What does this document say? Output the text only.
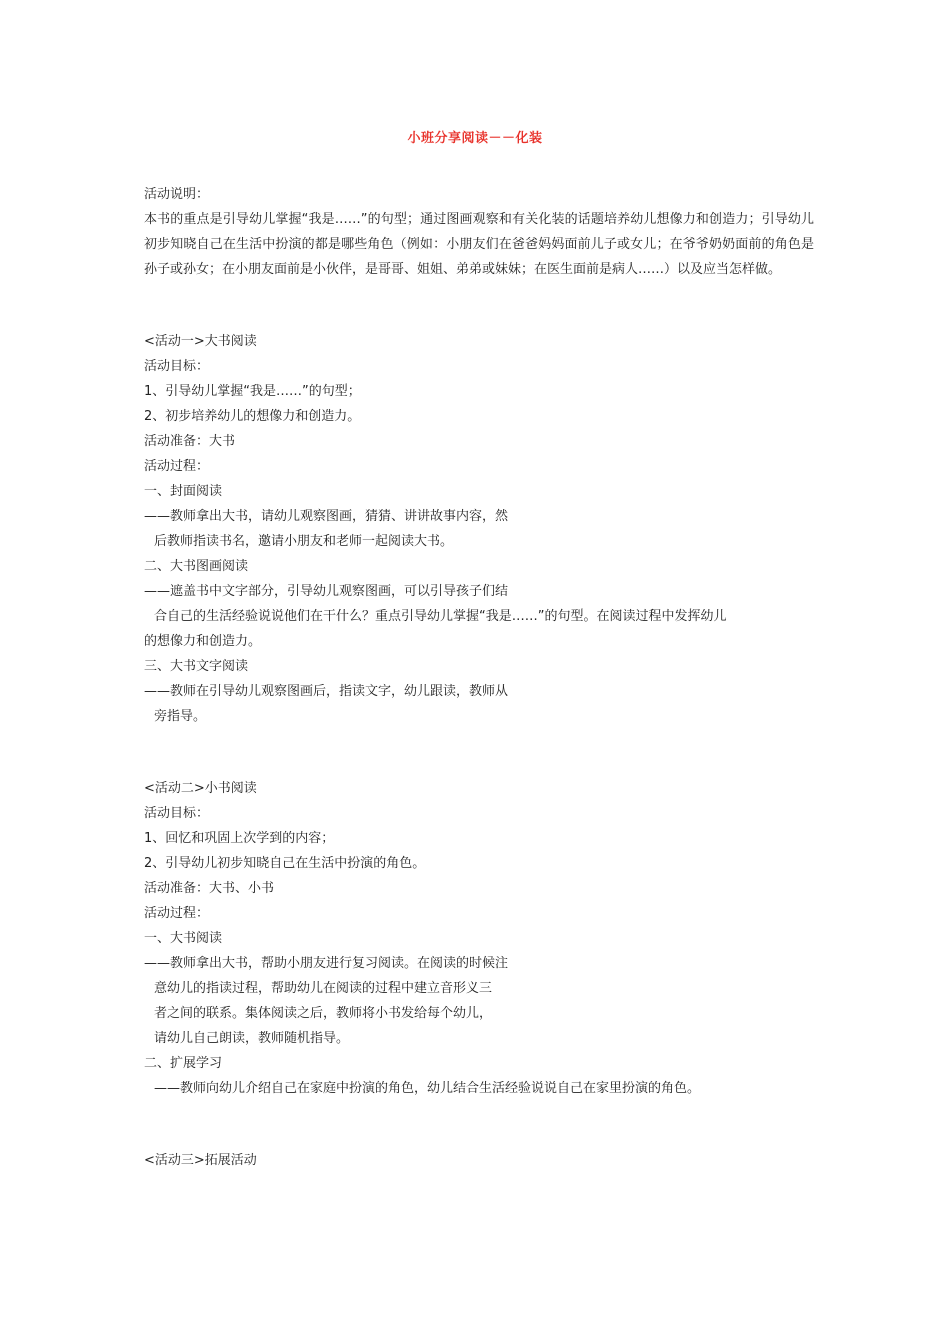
小班分享阅读－－化装
活动说明：

本书的重点是引导幼儿掌握“我是……”的句型；通过图画观察和有关化装的话题培养幼儿想像力和创造力；引导幼儿初步知晓自己在生活中扮演的都是哪些角色（例如：小朋友们在爸爸妈妈面前儿子或女儿；在爷爷奶奶面前的角色是孙子或孙女；在小朋友面前是小伙伴，是哥哥、姐姐、弟弟或妹妹；在医生面前是病人……）以及应当怎样做。

<活动一>大书阅读
活动目标：
1、引导幼儿掌握“我是……”的句型；
2、初步培养幼儿的想像力和创造力。
活动准备：大书
活动过程：
一、封面阅读
——教师拿出大书，请幼儿观察图画，猜猜、讲讲故事内容，然
后教师指读书名，邀请小朋友和老师一起阅读大书。
二、大书图画阅读
——遮盖书中文字部分，引导幼儿观察图画，可以引导孩子们结
合自己的生活经验说说他们在干什么？重点引导幼儿掌握“我是……”的句型。在阅读过程中发挥幼儿
的想像力和创造力。
三、大书文字阅读
——教师在引导幼儿观察图画后，指读文字，幼儿跟读，教师从
旁指导。
<活动二>小书阅读
活动目标：
1、回忆和巩固上次学到的内容；
2、引导幼儿初步知晓自己在生活中扮演的角色。
活动准备：大书、小书
活动过程：
一、大书阅读
——教师拿出大书，帮助小朋友进行复习阅读。在阅读的时候注
意幼儿的指读过程，帮助幼儿在阅读的过程中建立音形义三
者之间的联系。集体阅读之后，教师将小书发给每个幼儿，
请幼儿自己朗读，教师随机指导。
二、扩展学习
——教师向幼儿介绍自己在家庭中扮演的角色，幼儿结合生活经验说说自己在家里扮演的角色。
<活动三>拓展活动
